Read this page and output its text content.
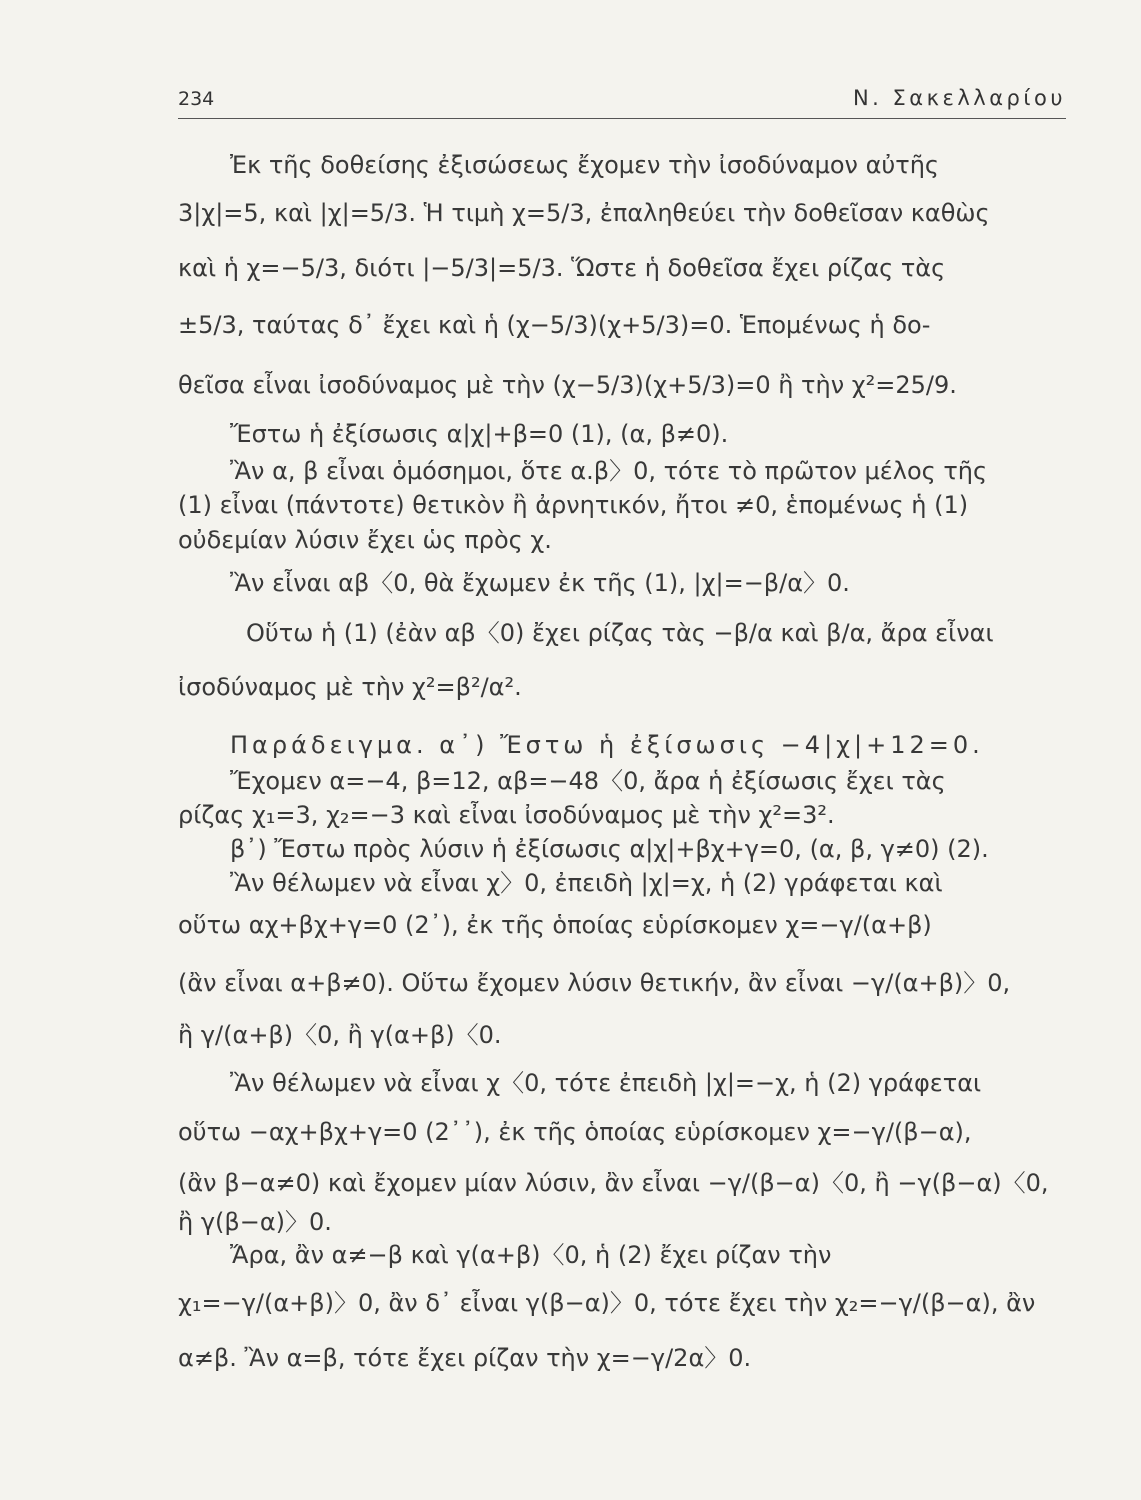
234	Ν. Σακελλαρίου
Ἐκ τῆς δοθείσης ἐξισώσεως ἔχομεν τὴν ἰσοδύναμον αὐτῆς
3|χ|=5, καὶ |χ|=5/3. Ἡ τιμὴ χ=5/3, ἐπαληθεύει τὴν δοθεῖσαν καθὼς
καὶ ἡ χ=−5/3, διότι |−5/3|=5/3. Ὥστε ἡ δοθεῖσα ἔχει ρίζας τὰς
±5/3, ταύτας δ᾽ ἔχει καὶ ἡ (χ−5/3)(χ+5/3)=0. Ἑπομένως ἡ δο-
θεῖσα εἶναι ἰσοδύναμος μὲ τὴν (χ−5/3)(χ+5/3)=0 ἢ τὴν χ²=25/9.
Ἔστω ἡ ἐξίσωσις α|χ|+β=0 (1), (α, β≠0).
Ἂν α, β εἶναι ὁμόσημοι, ὅτε α.β〉0, τότε τὸ πρῶτον μέλος τῆς
(1) εἶναι (πάντοτε) θετικὸν ἢ ἀρνητικόν, ἤτοι ≠0, ἑπομένως ἡ (1)
οὐδεμίαν λύσιν ἔχει ὡς πρὸς χ.
Ἂν εἶναι αβ〈0, θὰ ἔχωμεν ἐκ τῆς (1), |χ|=−β/α〉0.
Οὕτω ἡ (1) (ἐὰν αβ〈0) ἔχει ρίζας τὰς −β/α καὶ β/α, ἄρα εἶναι
ἰσοδύναμος μὲ τὴν χ²=β²/α².
Παράδειγμα. α᾽) Ἔστω ἡ ἐξίσωσις −4|χ|+12=0.
Ἔχομεν α=−4, β=12, αβ=−48〈0, ἄρα ἡ ἐξίσωσις ἔχει τὰς
ρίζας χ₁=3, χ₂=−3 καὶ εἶναι ἰσοδύναμος μὲ τὴν χ²=3².
β᾽) Ἔστω πρὸς λύσιν ἡ ἐξίσωσις α|χ|+βχ+γ=0, (α, β, γ≠0) (2).
Ἂν θέλωμεν νὰ εἶναι χ〉0, ἐπειδὴ |χ|=χ, ἡ (2) γράφεται καὶ
οὕτω αχ+βχ+γ=0 (2᾽), ἐκ τῆς ὁποίας εὑρίσκομεν χ=−γ/(α+β)
(ἂν εἶναι α+β≠0). Οὕτω ἔχομεν λύσιν θετικήν, ἂν εἶναι −γ/(α+β)〉0,
ἢ γ/(α+β)〈0, ἢ γ(α+β)〈0.
Ἂν θέλωμεν νὰ εἶναι χ〈0, τότε ἐπειδὴ |χ|=−χ, ἡ (2) γράφεται
οὕτω −αχ+βχ+γ=0 (2᾽᾽), ἐκ τῆς ὁποίας εὑρίσκομεν χ=−γ/(β−α),
(ἂν β−α≠0) καὶ ἔχομεν μίαν λύσιν, ἂν εἶναι −γ/(β−α)〈0, ἢ −γ(β−α)〈0,
ἢ γ(β−α)〉0.
Ἄρα, ἂν α≠−β καὶ γ(α+β)〈0, ἡ (2) ἔχει ρίζαν τὴν
χ₁=−γ/(α+β)〉0, ἂν δ᾽ εἶναι γ(β−α)〉0, τότε ἔχει τὴν χ₂=−γ/(β−α), ἂν
α≠β. Ἂν α=β, τότε ἔχει ρίζαν τὴν χ=−γ/2α〉0.
